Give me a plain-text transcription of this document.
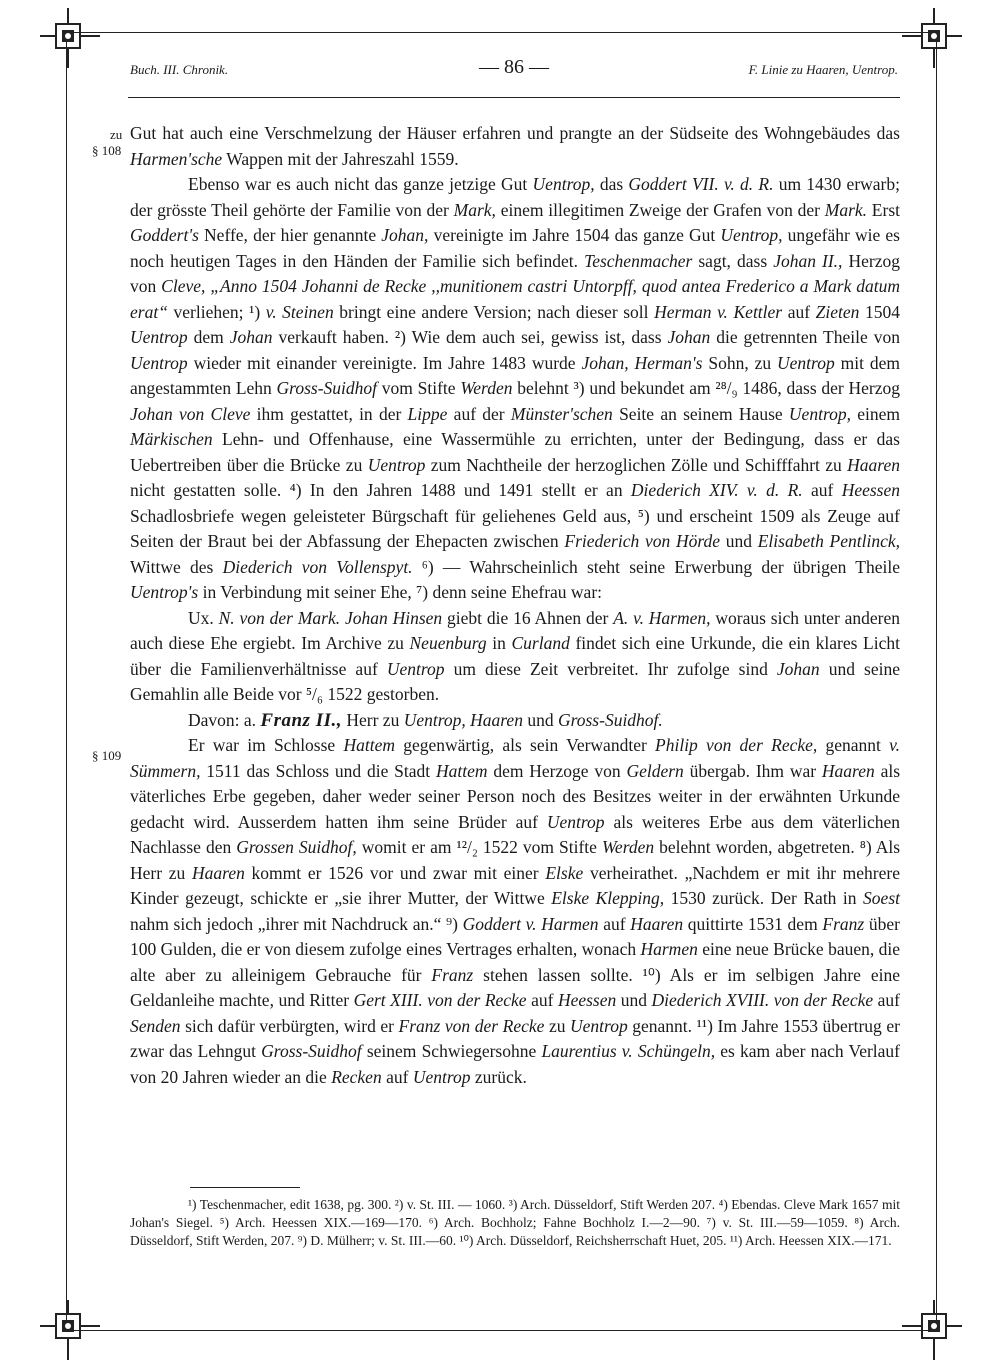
Buch. III. Chronik.	— 86 —	F. Linie zu Haaren, Uentrop.
zu
§ 108
§ 109

Gut hat auch eine Verschmelzung der Häuser erfahren und prangte an der Südseite des Wohngebäudes das Harmen'sche Wappen mit der Jahreszahl 1559.

Ebenso war es auch nicht das ganze jetzige Gut Uentrop, das Goddert VII. v. d. R. um 1430 erwarb; der grösste Theil gehörte der Familie von der Mark, einem illegitimen Zweige der Grafen von der Mark. Erst Goddert's Neffe, der hier genannte Johan, vereinigte im Jahre 1504 das ganze Gut Uentrop, ungefähr wie es noch heutigen Tages in den Händen der Familie sich befindet. Teschenmacher sagt, dass Johan II., Herzog von Cleve, „Anno 1504 Johanni de Recke ,,munitionem castri Untorpff, quod antea Frederico a Mark datum erat“ verliehen; ¹) v. Steinen bringt eine andere Version; nach dieser soll Herman v. Kettler auf Zieten 1504 Uentrop dem Johan verkauft haben. ²) Wie dem auch sei, gewiss ist, dass Johan die getrennten Theile von Uentrop wieder mit einander vereinigte. Im Jahre 1483 wurde Johan, Herman's Sohn, zu Uentrop mit dem angestammten Lehn Gross-Suidhof vom Stifte Werden belehnt ³) und bekundet am ²⁸/₉ 1486, dass der Herzog Johan von Cleve ihm gestattet, in der Lippe auf der Münster'schen Seite an seinem Hause Uentrop, einem Märkischen Lehn- und Offenhause, eine Wassermühle zu errichten, unter der Bedingung, dass er das Uebertreiben über die Brücke zu Uentrop zum Nachtheile der herzoglichen Zölle und Schifffahrt zu Haaren nicht gestatten solle. ⁴) In den Jahren 1488 und 1491 stellt er an Diederich XIV. v. d. R. auf Heessen Schadlosbriefe wegen geleisteter Bürgschaft für geliehenes Geld aus, ⁵) und erscheint 1509 als Zeuge auf Seiten der Braut bei der Abfassung der Ehepacten zwischen Friederich von Hörde und Elisabeth Pentlinck, Wittwe des Diederich von Vollenspyt. ⁶) — Wahrscheinlich steht seine Erwerbung der übrigen Theile Uentrop's in Verbindung mit seiner Ehe, ⁷) denn seine Ehefrau war:

Ux. N. von der Mark. Johan Hinsen giebt die 16 Ahnen der A. v. Harmen, woraus sich unter anderen auch diese Ehe ergiebt. Im Archive zu Neuenburg in Curland findet sich eine Urkunde, die ein klares Licht über die Familienverhältnisse auf Uentrop um diese Zeit verbreitet. Ihr zufolge sind Johan und seine Gemahlin alle Beide vor ⁵/₆ 1522 gestorben.

Davon: a. Franz II., Herr zu Uentrop, Haaren und Gross-Suidhof.

Er war im Schlosse Hattem gegenwärtig, als sein Verwandter Philip von der Recke, genannt v. Sümmern, 1511 das Schloss und die Stadt Hattem dem Herzoge von Geldern übergab. Ihm war Haaren als väterliches Erbe gegeben, daher weder seiner Person noch des Besitzes weiter in der erwähnten Urkunde gedacht wird. Ausserdem hatten ihm seine Brüder auf Uentrop als weiteres Erbe aus dem väterlichen Nachlasse den Grossen Suidhof, womit er am ¹²/₂ 1522 vom Stifte Werden belehnt worden, abgetreten. ⁸) Als Herr zu Haaren kommt er 1526 vor und zwar mit einer Elske verheirathet. „Nachdem er mit ihr mehrere Kinder gezeugt, schickte er „sie ihrer Mutter, der Wittwe Elske Klepping, 1530 zurück. Der Rath in Soest nahm sich jedoch „ihrer mit Nachdruck an.“ ⁹) Goddert v. Harmen auf Haaren quittirte 1531 dem Franz über 100 Gulden, die er von diesem zufolge eines Vertrages erhalten, wonach Harmen eine neue Brücke bauen, die alte aber zu alleinigem Gebrauche für Franz stehen lassen sollte. ¹⁰) Als er im selbigen Jahre eine Geldanleihe machte, und Ritter Gert XIII. von der Recke auf Heessen und Diederich XVIII. von der Recke auf Senden sich dafür verbürgten, wird er Franz von der Recke zu Uentrop genannt. ¹¹) Im Jahre 1553 übertrug er zwar das Lehngut Gross-Suidhof seinem Schwiegersohne Laurentius v. Schüngeln, es kam aber nach Verlauf von 20 Jahren wieder an die Recken auf Uentrop zurück.

¹) Teschenmacher, edit 1638, pg. 300. ²) v. St. III. — 1060. ³) Arch. Düsseldorf, Stift Werden 207. ⁴) Ebendas. Cleve Mark 1657 mit Johan's Siegel. ⁵) Arch. Heessen XIX.—169—170. ⁶) Arch. Bochholz; Fahne Bochholz I.—2—90. ⁷) v. St. III.—59—1059. ⁸) Arch. Düsseldorf, Stift Werden, 207. ⁹) D. Mülherr; v. St. III.—60. ¹⁰) Arch. Düsseldorf, Reichsherrschaft Huet, 205. ¹¹) Arch. Heessen XIX.—171.
